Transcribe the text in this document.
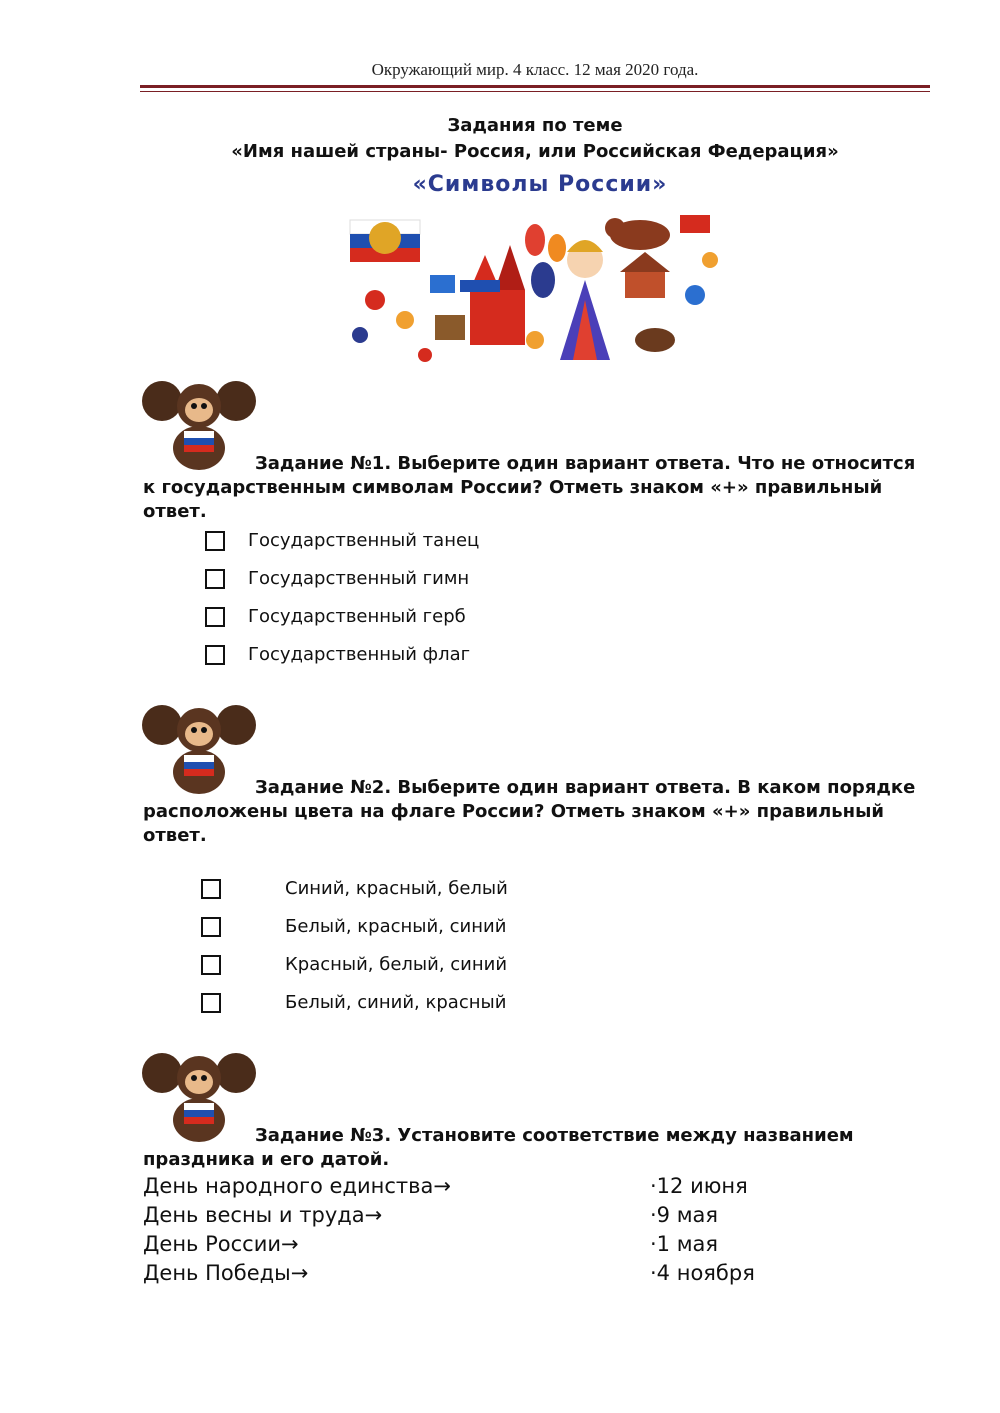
Окружающий мир. 4 класс. 12 мая 2020 года.
Задания по теме
«Имя нашей страны- Россия, или Российская Федерация»
«Символы России»
Задание №1. Выберите один вариант ответа. Что не относится к государственным символам России? Отметь знаком «+» правильный ответ.
Государственный танец
Государственный гимн
Государственный герб
Государственный флаг
Задание №2. Выберите один вариант ответа. В каком порядке расположены цвета на флаге России? Отметь знаком «+» правильный ответ.
Синий, красный, белый
Белый, красный, синий
Красный, белый, синий
Белый, синий, красный
Задание №3. Установите соответствие между названием праздника и его датой.
День народного единства→
День весны и труда→
День России→
День Победы→
·12 июня
·9 мая
·1 мая
·4 ноября
